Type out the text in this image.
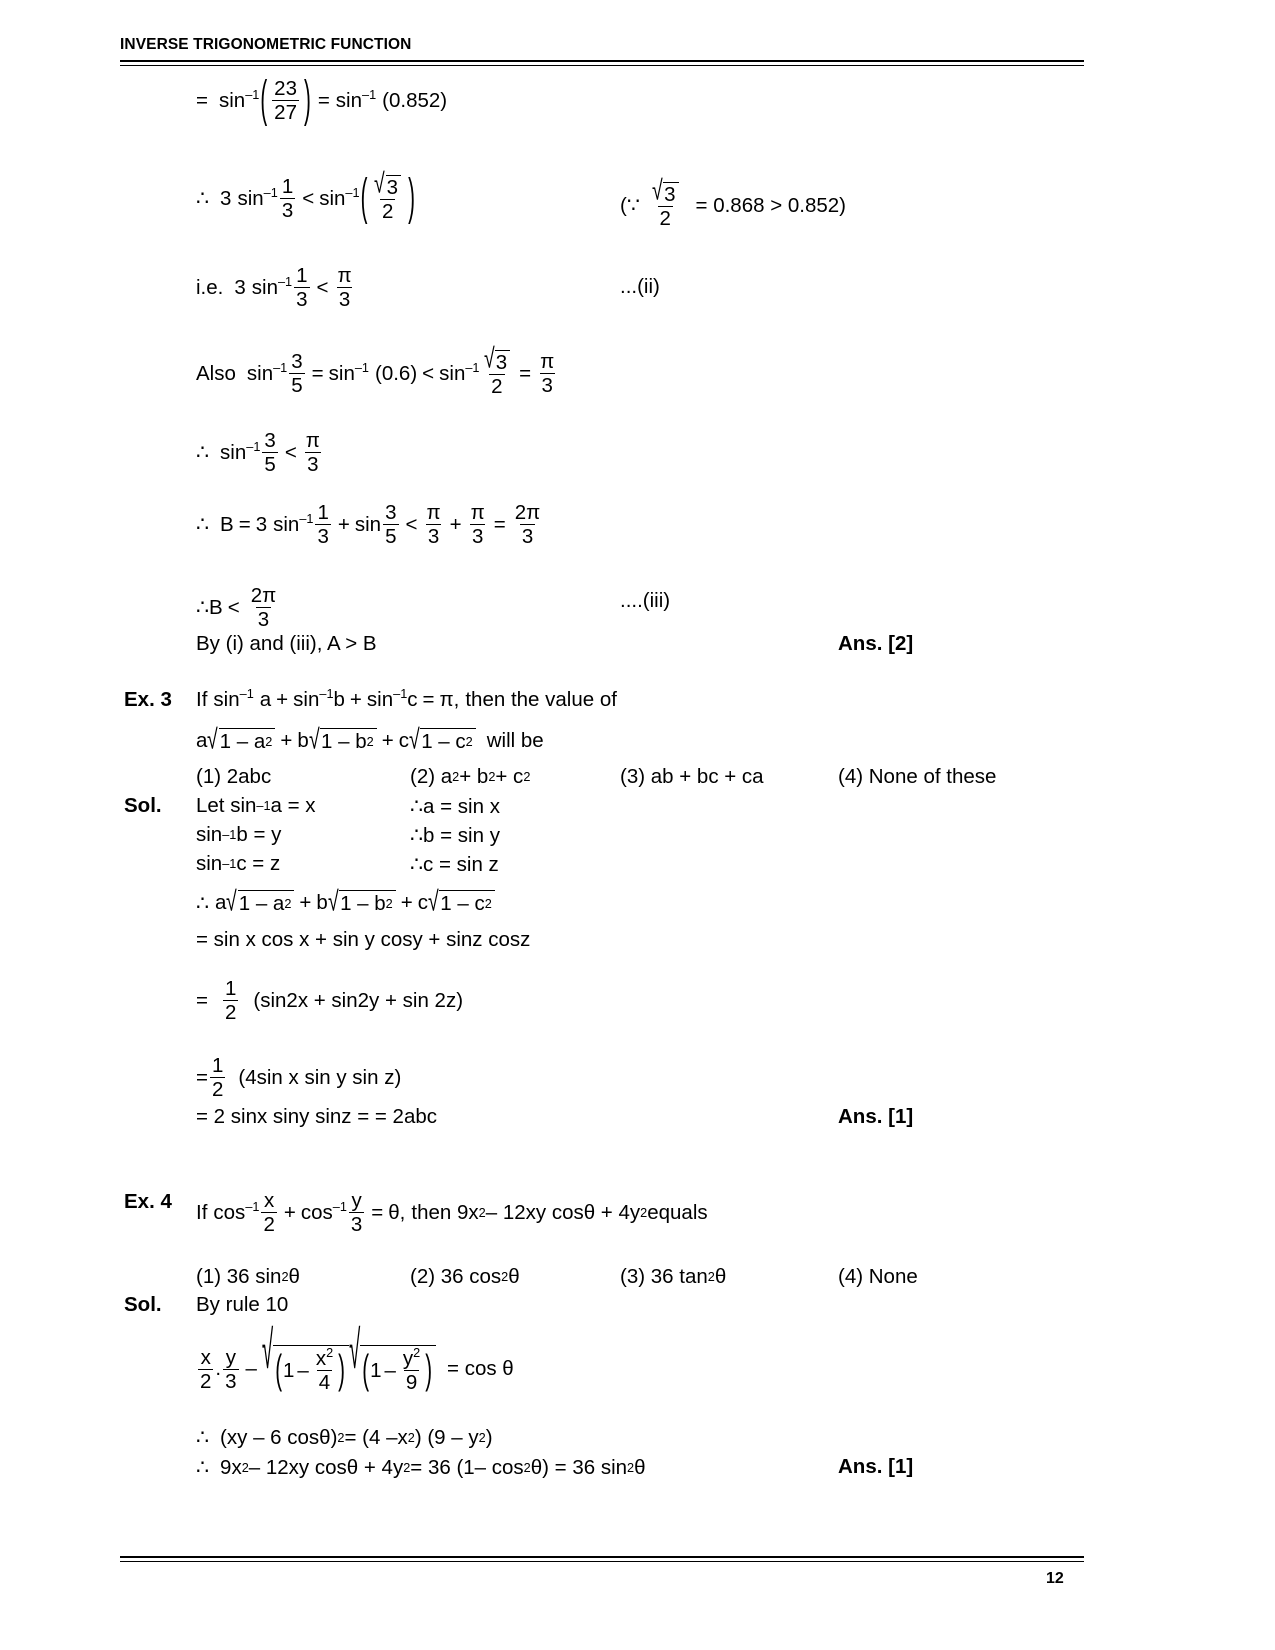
INVERSE TRIGONOMETRIC FUNCTION
= $\sin^{-1}$ ( $\frac{23}{27}$ ) = $\sin^{-1} (0.852)$
∴ 3 $\sin^{-1} \frac{1}{3} < \sin^{-1}$ ( $\frac{√ 3}{2}$ )	( ∵ $\frac{√ 3}{2} = 0.868 > 0.852$)
i.e. 3 $\sin^{-1} \frac{1}{3} < \frac{\pi}{3}$	...(ii)
Also $\sin^{-1} \frac{3}{5} = \sin^{-1} (0.6) < \sin^{-1} \frac{√ 3}{2} = \frac{\pi}{3}$
∴ $\sin^{-1} \frac{3}{5} < \frac{\pi}{3}$
∴ B = 3 $\sin^{-1} \frac{1}{3} + \sin \frac{3}{5} < \frac{\pi}{3} + \frac{\pi}{3} = \frac{2\pi}{3}$
∴ $B < \frac{2\pi}{3}$	....(iii)
By (i) and (iii), A > B	Ans. [2]
Ex. 3 If $\sin^{-1} a + \sin^{-1} b + \sin^{-1} c = \pi$, then the value of
a √ 1 – a 2 + b √ 1 – b 2 + c √ 1 – c 2 will be
(1) 2abc	(2) a 2 + b 2 + c 2	(3) ab + bc + ca	(4) None of these
Sol. Let sin –1 a = x	∴ a = sin x
sin –1 b = y	∴ b = sin y
sin –1 c = z	∴ c = sin z
∴ a √ 1 – a 2 + b √ 1 – b 2 + c √ 1 – c 2
= sin x cos x + sin y cosy + sinz cosz
= $\frac{1}{2} (\sin 2x + \sin 2y + \sin 2z)$
= $\frac{1}{2} (4\sin$ x sin y sin z)
= 2 sinx siny sinz = = 2abc	Ans. [1]
Ex. 4 If $\cos^{-1} \frac{x}{2} + \cos^{-1} \frac{y}{3} = \theta$, then 9x 2 – 12xy cosθ + 4y 2 equals
(1) 36 sin 2 θ	(2) 36 cos 2 θ	(3) 36 tan 2 θ	(4) None
Sol. By rule 10
$\frac{x}{2}$ . $\frac{y}{3}$ – √ ( $1 - \frac{x^2}{4}$ ) √ ( $1 - \frac{y^2}{9}$ ) = cos θ
∴ (xy – 6 cosθ) 2 = (4 –x 2 ) (9 – y 2 )
∴ 9x 2 – 12xy cosθ + 4y 2 = 36 (1– cos 2 θ) = 36 sin 2 θ	Ans. [1]
12
